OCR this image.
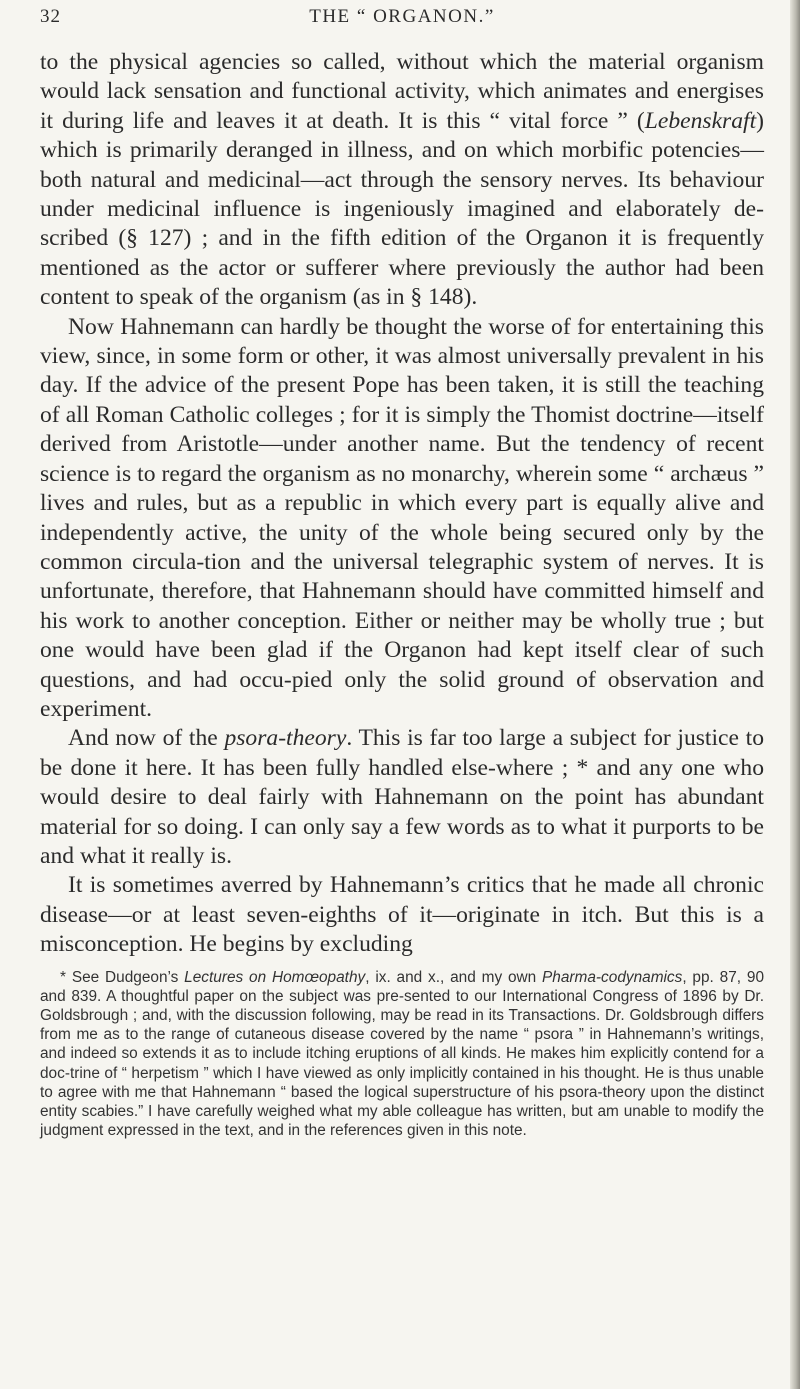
32	THE “ ORGANON.”

to the physical agencies so called, without which the material organism would lack sensation and functional activity, which animates and energises it during life and leaves it at death. It is this “ vital force ” (Lebenskraft) which is primarily deranged in illness, and on which morbific potencies—both natural and medicinal—act through the sensory nerves. Its behaviour under medicinal influence is ingeniously imagined and elaborately de-scribed (§ 127) ; and in the fifth edition of the Organon it is frequently mentioned as the actor or sufferer where previously the author had been content to speak of the organism (as in § 148).

Now Hahnemann can hardly be thought the worse of for entertaining this view, since, in some form or other, it was almost universally prevalent in his day. If the advice of the present Pope has been taken, it is still the teaching of all Roman Catholic colleges ; for it is simply the Thomist doctrine—itself derived from Aristotle—under another name. But the tendency of recent science is to regard the organism as no monarchy, wherein some “ archæus ” lives and rules, but as a republic in which every part is equally alive and independently active, the unity of the whole being secured only by the common circula-tion and the universal telegraphic system of nerves. It is unfortunate, therefore, that Hahnemann should have committed himself and his work to another conception. Either or neither may be wholly true ; but one would have been glad if the Organon had kept itself clear of such questions, and had occu-pied only the solid ground of observation and experiment.

And now of the psora-theory. This is far too large a subject for justice to be done it here. It has been fully handled else-where ; * and any one who would desire to deal fairly with Hahnemann on the point has abundant material for so doing. I can only say a few words as to what it purports to be and what it really is.

It is sometimes averred by Hahnemann’s critics that he made all chronic disease—or at least seven-eighths of it—originate in itch. But this is a misconception. He begins by excluding

* See Dudgeon’s Lectures on Homœopathy, ix. and x., and my own Pharma-codynamics, pp. 87, 90 and 839. A thoughtful paper on the subject was pre-sented to our International Congress of 1896 by Dr. Goldsbrough ; and, with the discussion following, may be read in its Transactions. Dr. Goldsbrough differs from me as to the range of cutaneous disease covered by the name “ psora ” in Hahnemann’s writings, and indeed so extends it as to include itching eruptions of all kinds. He makes him explicitly contend for a doc-trine of “ herpetism ” which I have viewed as only implicitly contained in his thought. He is thus unable to agree with me that Hahnemann “ based the logical superstructure of his psora-theory upon the distinct entity scabies.” I have carefully weighed what my able colleague has written, but am unable to modify the judgment expressed in the text, and in the references given in this note.
